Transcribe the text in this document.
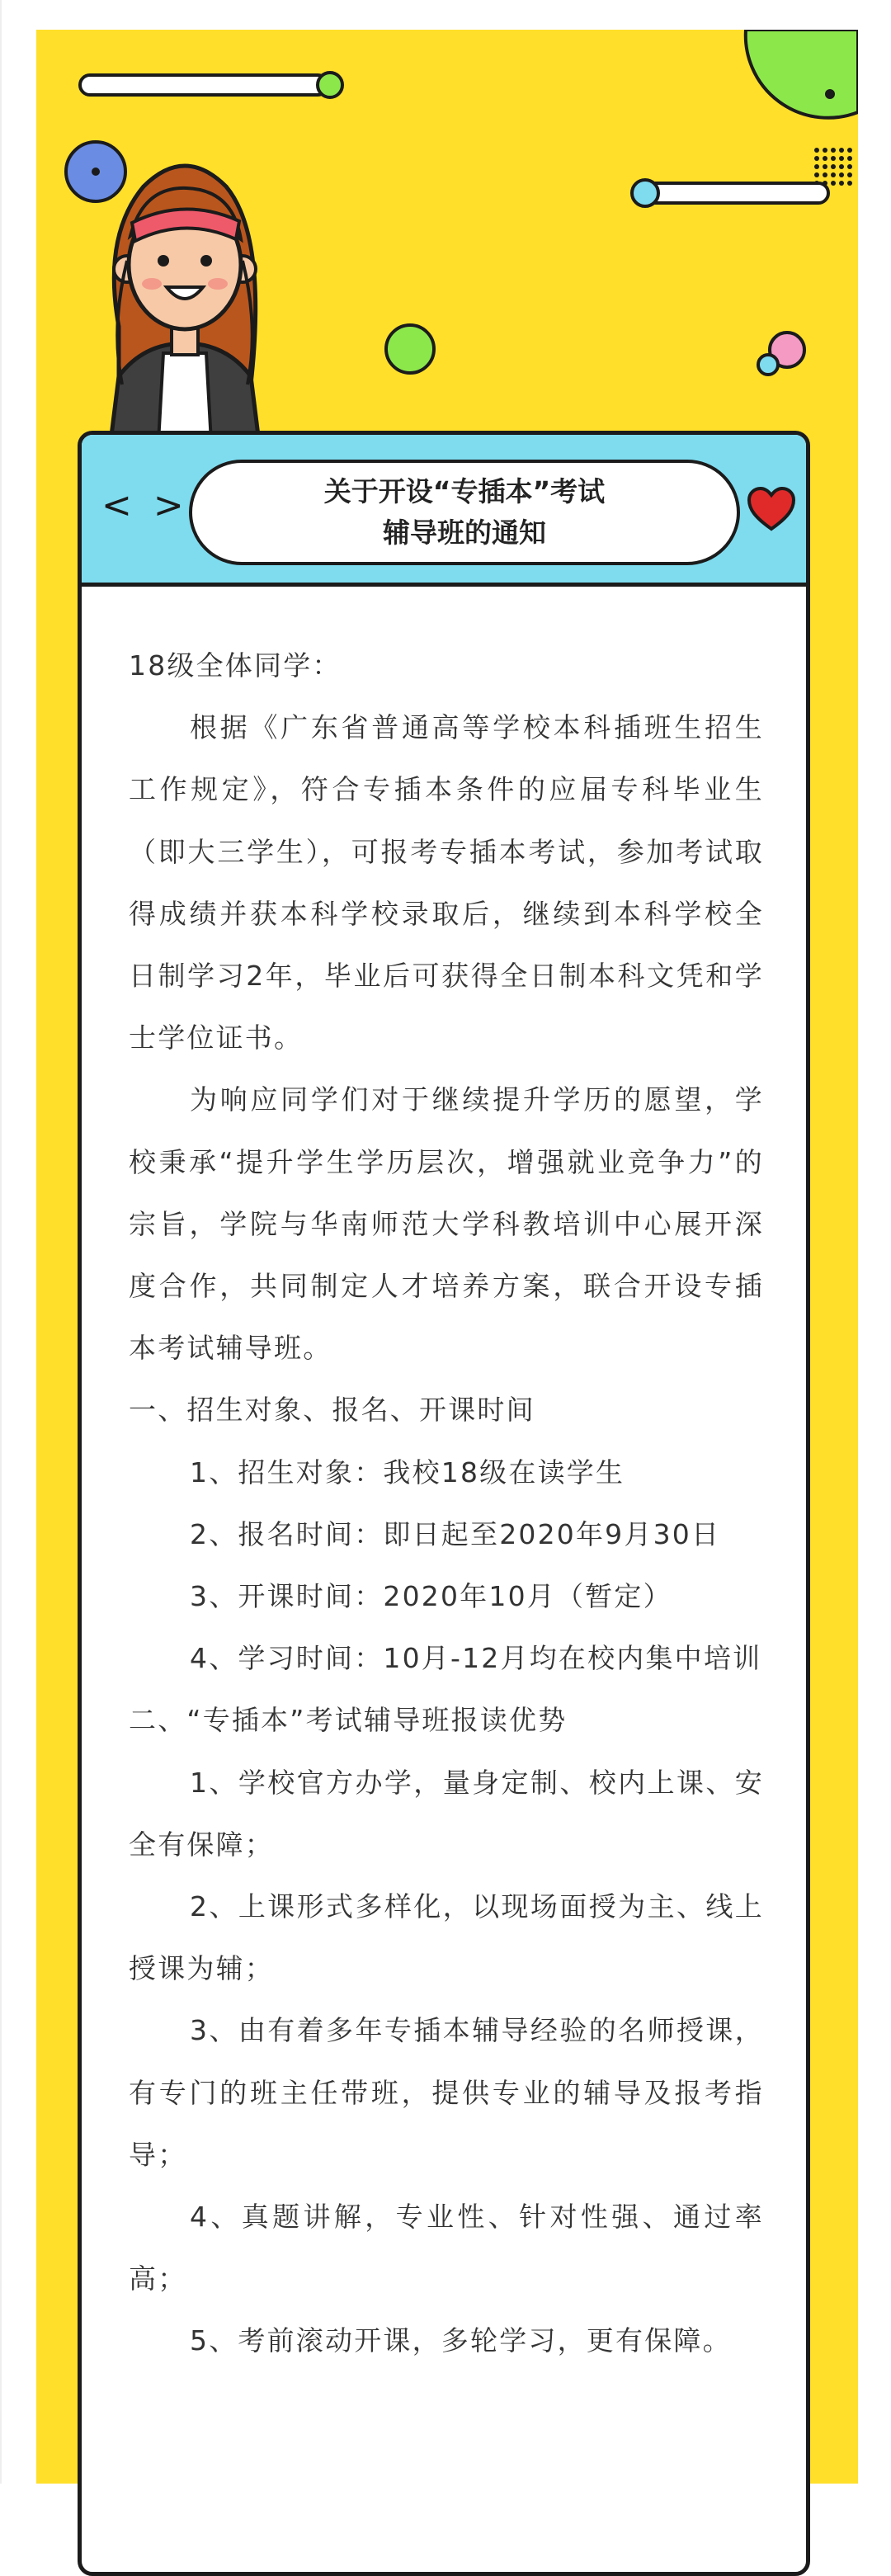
< >	关于开设“专插本”考试
辅导班的通知

18级全体同学：

根据《广东省普通高等学校本科插班生招生工作规定》，符合专插本条件的应届专科毕业生（即大三学生），可报考专插本考试，参加考试取得成绩并获本科学校录取后，继续到本科学校全日制学习2年，毕业后可获得全日制本科文凭和学士学位证书。

为响应同学们对于继续提升学历的愿望，学校秉承“提升学生学历层次，增强就业竞争力”的宗旨，学院与华南师范大学科教培训中心展开深度合作，共同制定人才培养方案，联合开设专插本考试辅导班。

一、招生对象、报名、开课时间

1、招生对象：我校18级在读学生

2、报名时间：即日起至2020年9月30日

3、开课时间：2020年10月（暂定）

4、学习时间：10月-12月均在校内集中培训

二、“专插本”考试辅导班报读优势

1、学校官方办学，量身定制、校内上课、安全有保障；

2、上课形式多样化，以现场面授为主、线上授课为辅；

3、由有着多年专插本辅导经验的名师授课，有专门的班主任带班，提供专业的辅导及报考指导；

4、真题讲解，专业性、针对性强、通过率高；

5、考前滚动开课，多轮学习，更有保障。
